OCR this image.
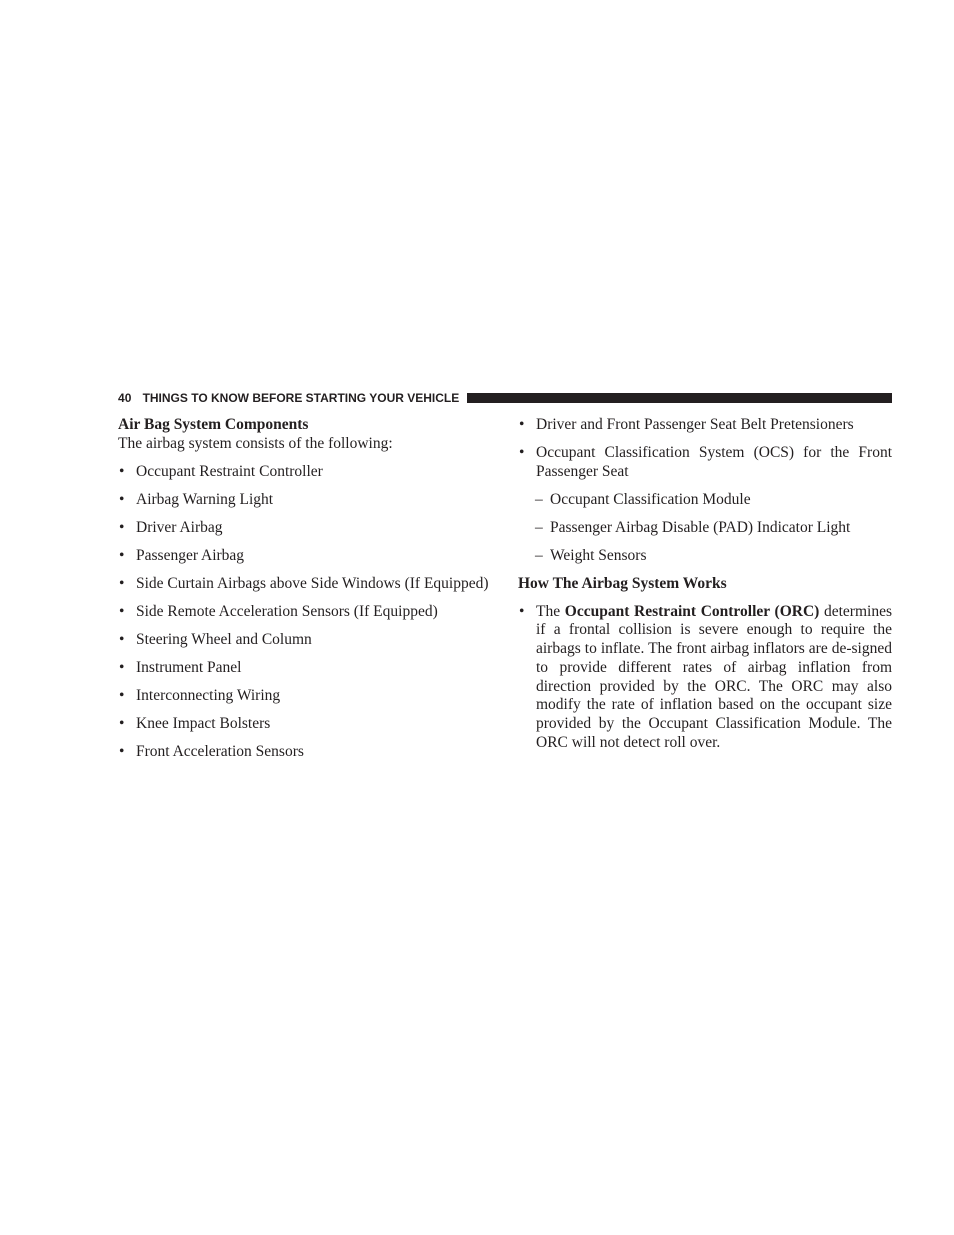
40 THINGS TO KNOW BEFORE STARTING YOUR VEHICLE

Air Bag System Components

The airbag system consists of the following:

• Occupant Restraint Controller
• Airbag Warning Light
• Driver Airbag
• Passenger Airbag
• Side Curtain Airbags above Side Windows (If Equipped)
• Side Remote Acceleration Sensors (If Equipped)
• Steering Wheel and Column
• Instrument Panel
• Interconnecting Wiring
• Knee Impact Bolsters
• Front Acceleration Sensors
• Driver and Front Passenger Seat Belt Pretensioners
• Occupant Classification System (OCS) for the Front Passenger Seat
– Occupant Classification Module
– Passenger Airbag Disable (PAD) Indicator Light
– Weight Sensors

How The Airbag System Works

• The Occupant Restraint Controller (ORC) determines if a frontal collision is severe enough to require the airbags to inflate. The front airbag inflators are de-signed to provide different rates of airbag inflation from direction provided by the ORC. The ORC may also modify the rate of inflation based on the occupant size provided by the Occupant Classification Module. The ORC will not detect roll over.
